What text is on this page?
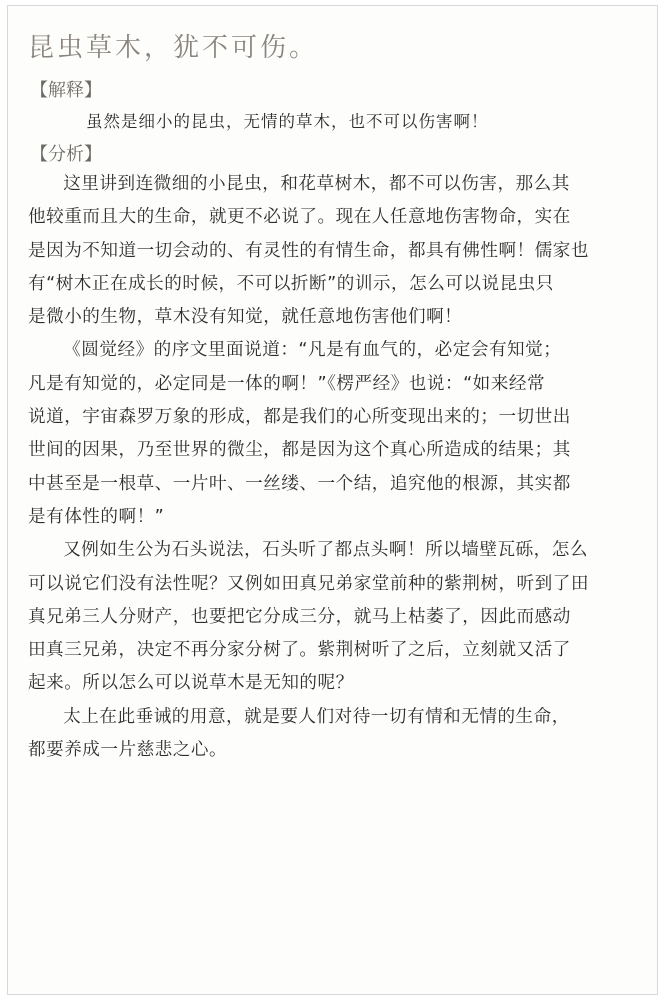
昆虫草木，犹不可伤。
【解释】
虽然是细小的昆虫，无情的草木，也不可以伤害啊！
【分析】
这里讲到连微细的小昆虫，和花草树木，都不可以伤害，那么其
他较重而且大的生命，就更不必说了。现在人任意地伤害物命，实在
是因为不知道一切会动的、有灵性的有情生命，都具有佛性啊！儒家也
有“树木正在成长的时候，不可以折断”的训示，怎么可以说昆虫只
是微小的生物，草木没有知觉，就任意地伤害他们啊！
《圆觉经》的序文里面说道：“凡是有血气的，必定会有知觉；
凡是有知觉的，必定同是一体的啊！”《楞严经》也说：“如来经常
说道，宇宙森罗万象的形成，都是我们的心所变现出来的；一切世出
世间的因果，乃至世界的微尘，都是因为这个真心所造成的结果；其
中甚至是一根草、一片叶、一丝缕、一个结，追究他的根源，其实都
是有体性的啊！”
又例如生公为石头说法，石头听了都点头啊！所以墙壁瓦砾，怎么
可以说它们没有法性呢？又例如田真兄弟家堂前种的紫荆树，听到了田
真兄弟三人分财产，也要把它分成三分，就马上枯萎了，因此而感动
田真三兄弟，决定不再分家分树了。紫荆树听了之后，立刻就又活了
起来。所以怎么可以说草木是无知的呢？
太上在此垂诫的用意，就是要人们对待一切有情和无情的生命，
都要养成一片慈悲之心。
